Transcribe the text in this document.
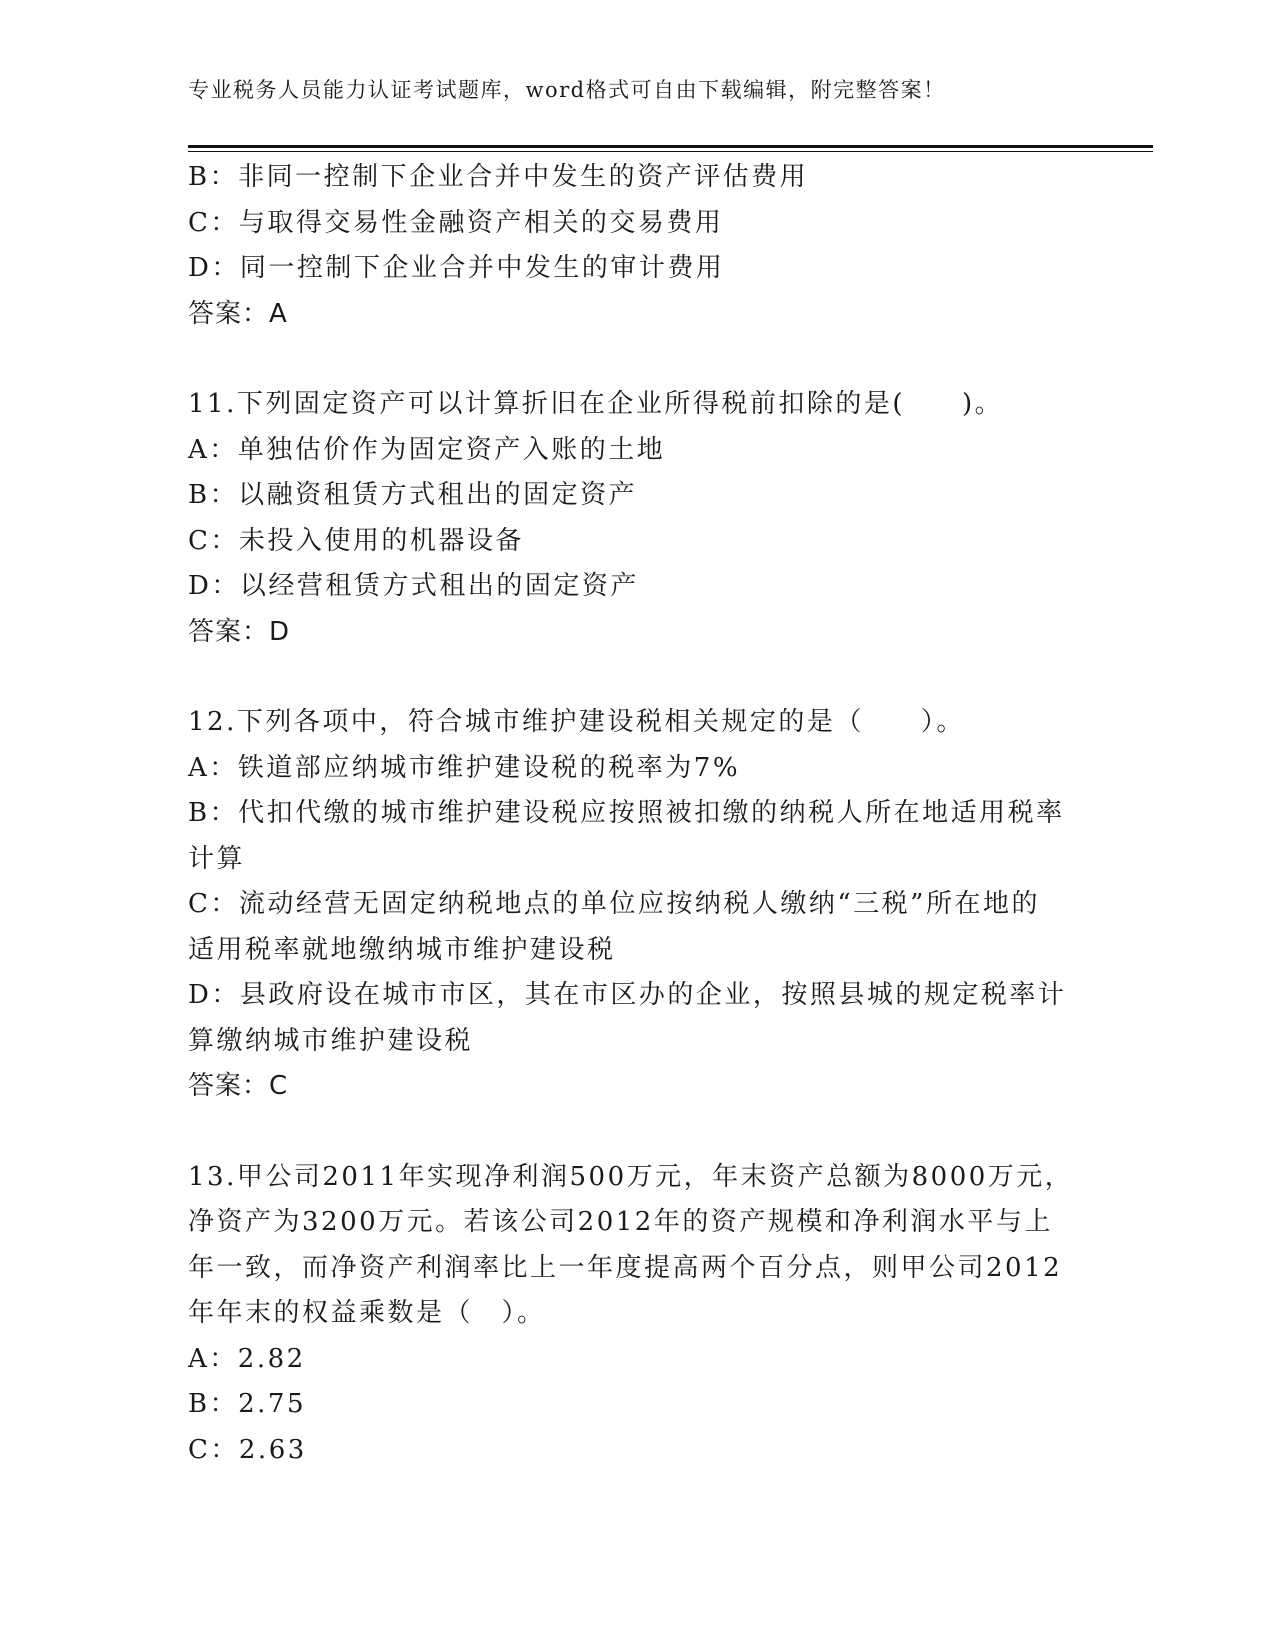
专业税务人员能力认证考试题库，word格式可自由下载编辑，附完整答案！
B：非同一控制下企业合并中发生的资产评估费用
C：与取得交易性金融资产相关的交易费用
D：同一控制下企业合并中发生的审计费用
答案：A
11.下列固定资产可以计算折旧在企业所得税前扣除的是(　　)。
A：单独估价作为固定资产入账的土地
B：以融资租赁方式租出的固定资产
C：未投入使用的机器设备
D：以经营租赁方式租出的固定资产
答案：D
12.下列各项中，符合城市维护建设税相关规定的是（　　）。
A：铁道部应纳城市维护建设税的税率为7%
B：代扣代缴的城市维护建设税应按照被扣缴的纳税人所在地适用税率
计算
C：流动经营无固定纳税地点的单位应按纳税人缴纳“三税”所在地的
适用税率就地缴纳城市维护建设税
D：县政府设在城市市区，其在市区办的企业，按照县城的规定税率计
算缴纳城市维护建设税
答案：C
13.甲公司2011年实现净利润500万元，年末资产总额为8000万元，
净资产为3200万元。若该公司2012年的资产规模和净利润水平与上
年一致，而净资产利润率比上一年度提高两个百分点，则甲公司2012
年年末的权益乘数是（　）。
A：2.82
B：2.75
C：2.63
